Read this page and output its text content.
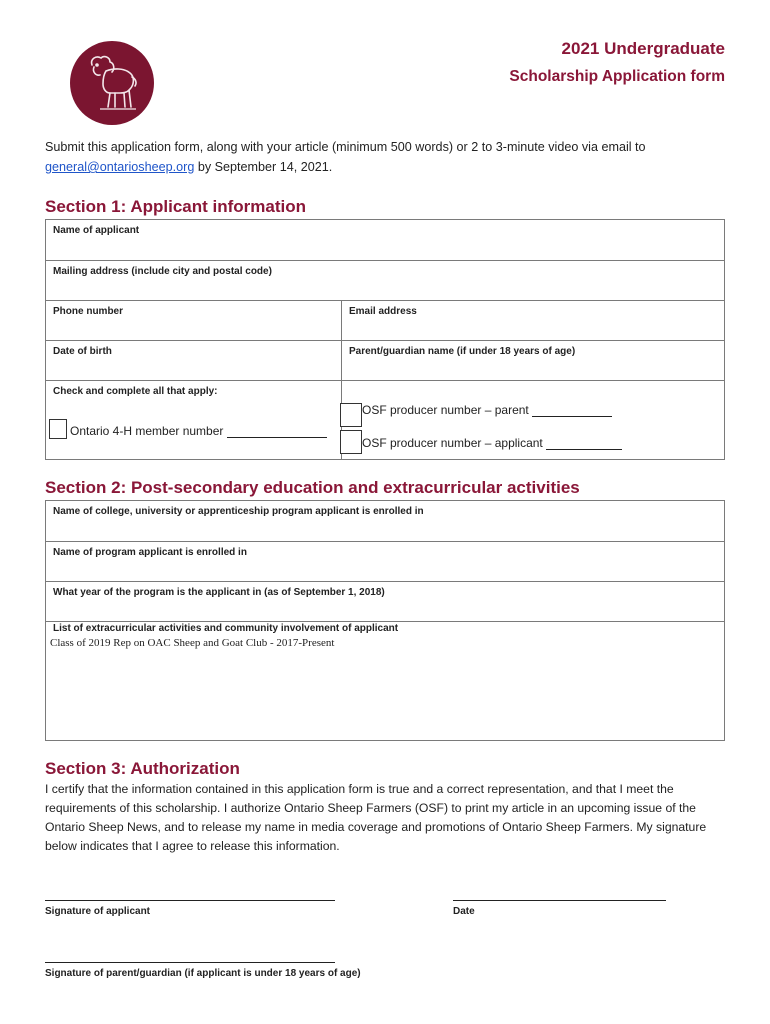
2021 Undergraduate
Scholarship Application form
Submit this application form, along with your article (minimum 500 words) or 2 to 3-minute video via email to general@ontariosheep.org by September 14, 2021.
Section 1: Applicant information
Name of applicant
Mailing address (include city and postal code)
Phone number	Email address
Date of birth	Parent/guardian name (if under 18 years of age)
Check and complete all that apply:
Ontario 4-H member number
OSF producer number – parent
OSF producer number – applicant
Section 2: Post-secondary education and extracurricular activities
Name of college, university or apprenticeship program applicant is enrolled in
Name of program applicant is enrolled in
What year of the program is the applicant in (as of September 1, 2018)
List of extracurricular activities and community involvement of applicant
Class of 2019 Rep on OAC Sheep and Goat Club - 2017-Present
Section 3: Authorization
I certify that the information contained in this application form is true and a correct representation, and that I meet the requirements of this scholarship. I authorize Ontario Sheep Farmers (OSF) to print my article in an upcoming issue of the Ontario Sheep News, and to release my name in media coverage and promotions of Ontario Sheep Farmers. My signature below indicates that I agree to release this information.
Signature of applicant	Date
Signature of parent/guardian (if applicant is under 18 years of age)
